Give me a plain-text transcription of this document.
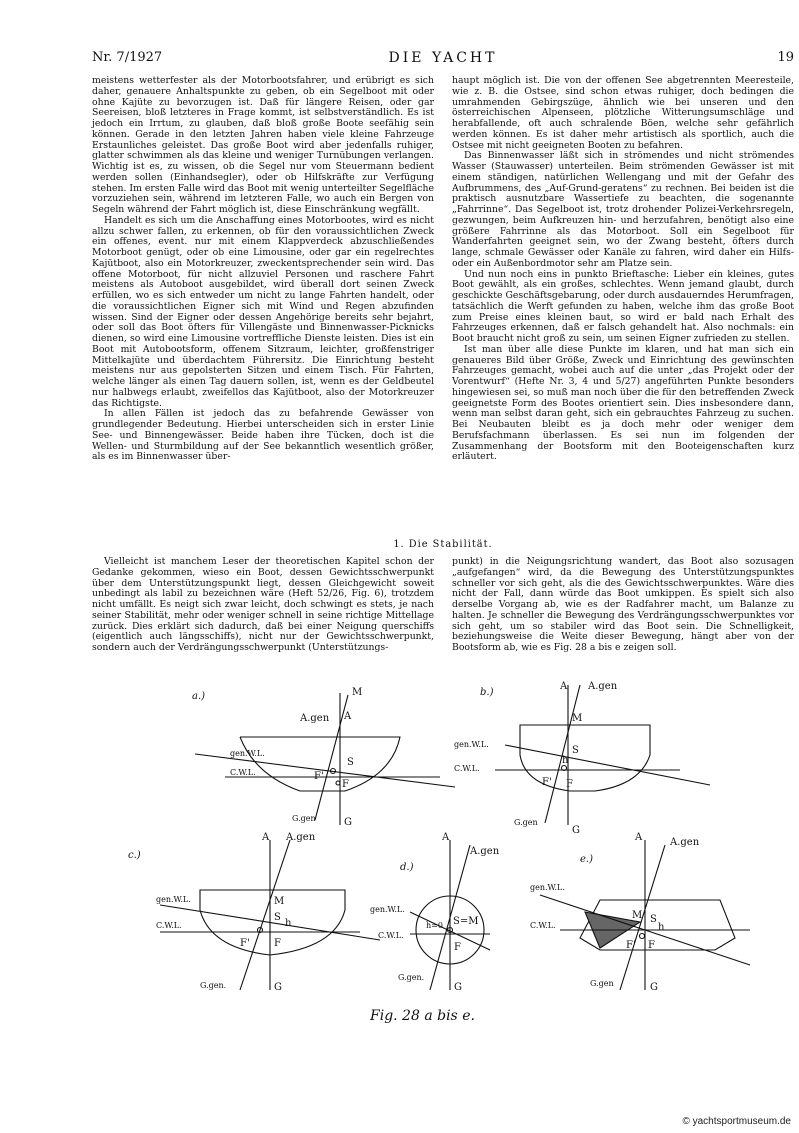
Nr. 7/1927	DIE YACHT	19

meistens wetterfester als der Motorbootsfahrer, und erübrigt es sich daher, genauere Anhaltspunkte zu geben, ob ein Segelboot mit oder ohne Kajüte zu bevorzugen ist. Daß für längere Reisen, oder gar Seereisen, bloß letzteres in Frage kommt, ist selbstverständlich. Es ist jedoch ein Irrtum, zu glauben, daß bloß große Boote seefähig sein können. Gerade in den letzten Jahren haben viele kleine Fahrzeuge Erstaunliches geleistet. Das große Boot wird aber jedenfalls ruhiger, glatter schwimmen als das kleine und weniger Turnübungen verlangen. Wichtig ist es, zu wissen, ob die Segel nur vom Steuermann bedient werden sollen (Einhandsegler), oder ob Hilfskräfte zur Verfügung stehen. Im ersten Falle wird das Boot mit wenig unterteilter Segelfläche vorzuziehen sein, während im letzteren Falle, wo auch ein Bergen von Segeln während der Fahrt möglich ist, diese Einschränkung wegfällt.

Handelt es sich um die Anschaffung eines Motorbootes, wird es nicht allzu schwer fallen, zu erkennen, ob für den voraussichtlichen Zweck ein offenes, event. nur mit einem Klappverdeck abzuschließendes Motorboot genügt, oder ob eine Limousine, oder gar ein regelrechtes Kajütboot, also ein Motorkreuzer, zweckentsprechender sein wird. Das offene Motorboot, für nicht allzuviel Personen und raschere Fahrt meistens als Autoboot ausgebildet, wird überall dort seinen Zweck erfüllen, wo es sich entweder um nicht zu lange Fahrten handelt, oder die voraussichtlichen Eigner sich mit Wind und Regen abzufinden wissen. Sind der Eigner oder dessen Angehörige bereits sehr bejahrt, oder soll das Boot öfters für Villengäste und Binnenwasser-Picknicks dienen, so wird eine Limousine vortreffliche Dienste leisten. Dies ist ein Boot mit Autobootsform, offenem Sitzraum, leichter, großfenstriger Mittelkajüte und überdachtem Führersitz. Die Einrichtung besteht meistens nur aus gepolsterten Sitzen und einem Tisch. Für Fahrten, welche länger als einen Tag dauern sollen, ist, wenn es der Geldbeutel nur halbwegs erlaubt, zweifellos das Kajütboot, also der Motorkreuzer das Richtigste.

In allen Fällen ist jedoch das zu befahrende Gewässer von grundlegender Bedeutung. Hierbei unterscheiden sich in erster Linie See- und Binnengewässer. Beide haben ihre Tücken, doch ist die Wellen- und Sturmbildung auf der See bekanntlich wesentlich größer, als es im Binnenwasser über-

haupt möglich ist. Die von der offenen See abgetrennten Meeresteile, wie z. B. die Ostsee, sind schon etwas ruhiger, doch bedingen die umrahmenden Gebirgszüge, ähnlich wie bei unseren und den österreichischen Alpenseen, plötzliche Witterungsumschläge und herabfallende, oft auch schralende Böen, welche sehr gefährlich werden können. Es ist daher mehr artistisch als sportlich, auch die Ostsee mit nicht geeigneten Booten zu befahren.

Das Binnenwasser läßt sich in strömendes und nicht strömendes Wasser (Stauwasser) unterteilen. Beim strömenden Gewässer ist mit einem ständigen, natürlichen Wellengang und mit der Gefahr des Aufbrummens, des „Auf-Grund-geratens“ zu rechnen. Bei beiden ist die praktisch ausnutzbare Wassertiefe zu beachten, die sogenannte „Fahrrinne“. Das Segelboot ist, trotz drohender Polizei-Verkehrsregeln, gezwungen, beim Aufkreuzen hin- und herzufahren, benötigt also eine größere Fahrrinne als das Motorboot. Soll ein Segelboot für Wanderfahrten geeignet sein, wo der Zwang besteht, öfters durch lange, schmale Gewässer oder Kanäle zu fahren, wird daher ein Hilfs- oder ein Außenbordmotor sehr am Platze sein.

Und nun noch eins in punkto Brieftasche: Lieber ein kleines, gutes Boot gewählt, als ein großes, schlechtes. Wenn jemand glaubt, durch geschickte Geschäftsgebarung, oder durch ausdauerndes Herumfragen, tatsächlich die Werft gefunden zu haben, welche ihm das große Boot zum Preise eines kleinen baut, so wird er bald nach Erhalt des Fahrzeuges erkennen, daß er falsch gehandelt hat. Also nochmals: ein Boot braucht nicht groß zu sein, um seinen Eigner zufrieden zu stellen.

Ist man über alle diese Punkte im klaren, und hat man sich ein genaueres Bild über Größe, Zweck und Einrichtung des gewünschten Fahrzeuges gemacht, wobei auch auf die unter „das Projekt oder der Vorentwurf“ (Hefte Nr. 3, 4 und 5/27) angeführten Punkte besonders hingewiesen sei, so muß man noch über die für den betreffenden Zweck geeignetste Form des Bootes orientiert sein. Dies insbesondere dann, wenn man selbst daran geht, sich ein gebrauchtes Fahrzeug zu suchen. Bei Neubauten bleibt es ja doch mehr oder weniger dem Berufsfachmann überlassen. Es sei nun im folgenden der Zusammenhang der Bootsform mit den Booteigenschaften kurz erläutert.

1. Die Stabilität.

Vielleicht ist manchem Leser der theoretischen Kapitel schon der Gedanke gekommen, wieso ein Boot, dessen Gewichtsschwerpunkt über dem Unterstützungspunkt liegt, dessen Gleichgewicht soweit unbedingt als labil zu bezeichnen wäre (Heft 52/26, Fig. 6), trotzdem nicht umfällt. Es neigt sich zwar leicht, doch schwingt es stets, je nach seiner Stabilität, mehr oder weniger schnell in seine richtige Mittellage zurück. Dies erklärt sich dadurch, daß bei einer Neigung querschiffs (eigentlich auch längsschiffs), nicht nur der Gewichtsschwerpunkt, sondern auch der Verdrängungsschwerpunkt (Unterstützungs-

punkt) in die Neigungsrichtung wandert, das Boot also sozusagen „aufgefangen“ wird, da die Bewegung des Unterstützungspunktes schneller vor sich geht, als die des Gewichtsschwerpunktes. Wäre dies nicht der Fall, dann würde das Boot umkippen. Es spielt sich also derselbe Vorgang ab, wie es der Radfahrer macht, um Balanze zu halten. Je schneller die Bewegung des Verdrängungsschwerpunktes vor sich geht, um so stabiler wird das Boot sein. Die Schnelligkeit, beziehungsweise die Weite dieser Bewegung, hängt aber von der Bootsform ab, wie es Fig. 28 a bis e zeigen soll.

a.)	M
A
A.gen
S
F'
F
gen.W.L.
C.W.L.
G.gen	G
b.)
A.gen
A
M
S
h
F' F
gen.W.L.
C.W.L.
G.gen
G
c.)
A A.gen
M
S
h
F' F
gen.W.L.
C.W.L.
G.gen.	G
d.)
A
A.gen
S=M
h=0
F
gen.W.L.
C.W.L.
G.gen.
G
e.)
A	A.gen
M S
h
F' F
gen.W.L.
C.W.L.
G.gen	G
Fig. 28 a bis e.
© yachtsportmuseum.de
